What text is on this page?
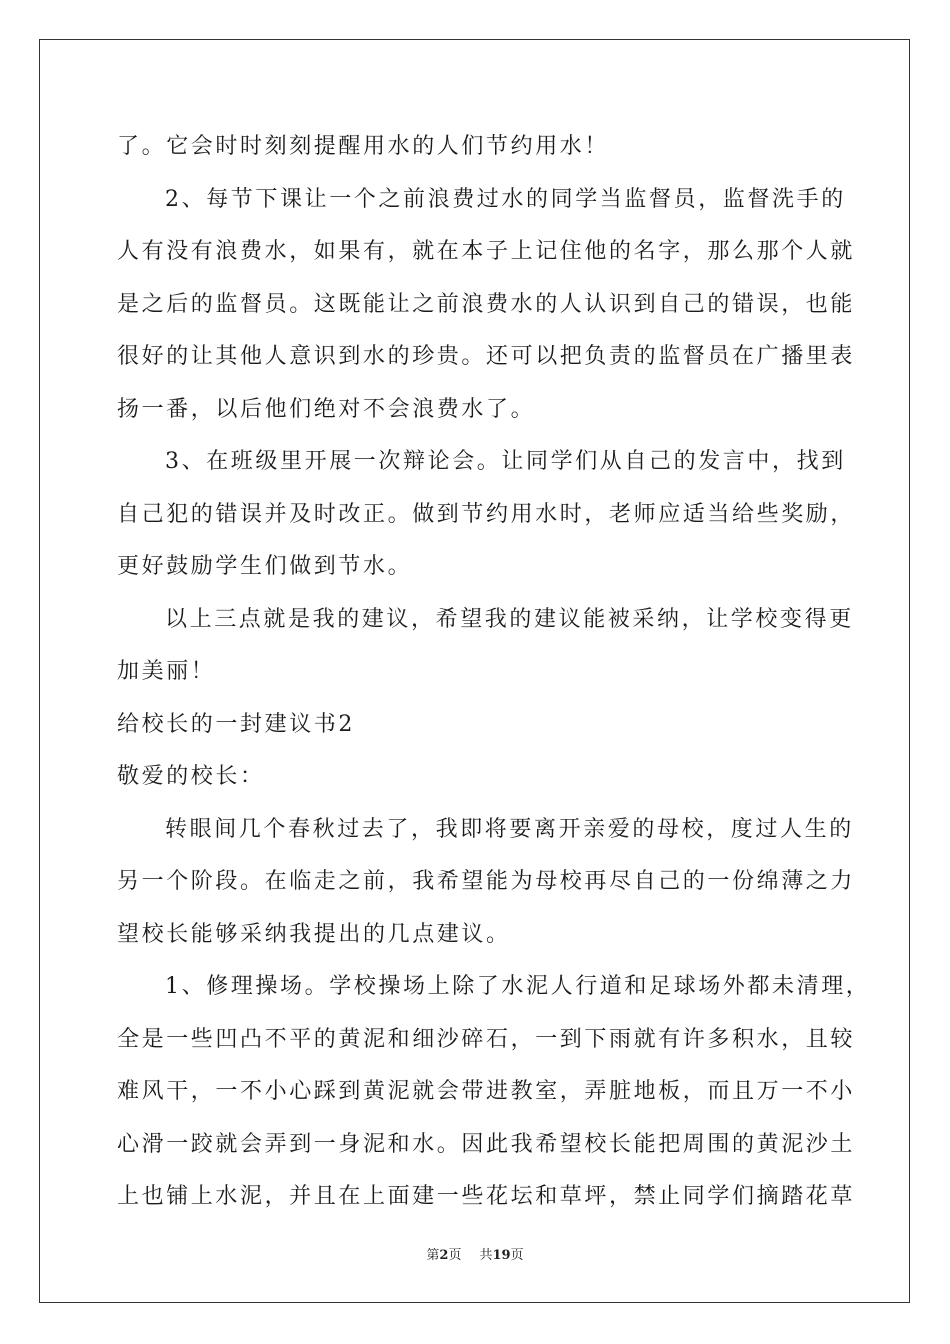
了。它会时时刻刻提醒用水的人们节约用水！
2、每节下课让一个之前浪费过水的同学当监督员，监督洗手的
人有没有浪费水，如果有，就在本子上记住他的名字，那么那个人就
是之后的监督员。这既能让之前浪费水的人认识到自己的错误，也能
很好的让其他人意识到水的珍贵。还可以把负责的监督员在广播里表
扬一番，以后他们绝对不会浪费水了。
3、在班级里开展一次辩论会。让同学们从自己的发言中，找到
自己犯的错误并及时改正。做到节约用水时，老师应适当给些奖励，
更好鼓励学生们做到节水。
以上三点就是我的建议，希望我的建议能被采纳，让学校变得更
加美丽！
给校长的一封建议书2
敬爱的校长：
转眼间几个春秋过去了，我即将要离开亲爱的母校，度过人生的
另一个阶段。在临走之前，我希望能为母校再尽自己的一份绵薄之力
望校长能够采纳我提出的几点建议。
1、修理操场。学校操场上除了水泥人行道和足球场外都未清理，
全是一些凹凸不平的黄泥和细沙碎石，一到下雨就有许多积水，且较
难风干，一不小心踩到黄泥就会带进教室，弄脏地板，而且万一不小
心滑一跤就会弄到一身泥和水。因此我希望校长能把周围的黄泥沙土
上也铺上水泥，并且在上面建一些花坛和草坪，禁止同学们摘踏花草
第2页 共19页
